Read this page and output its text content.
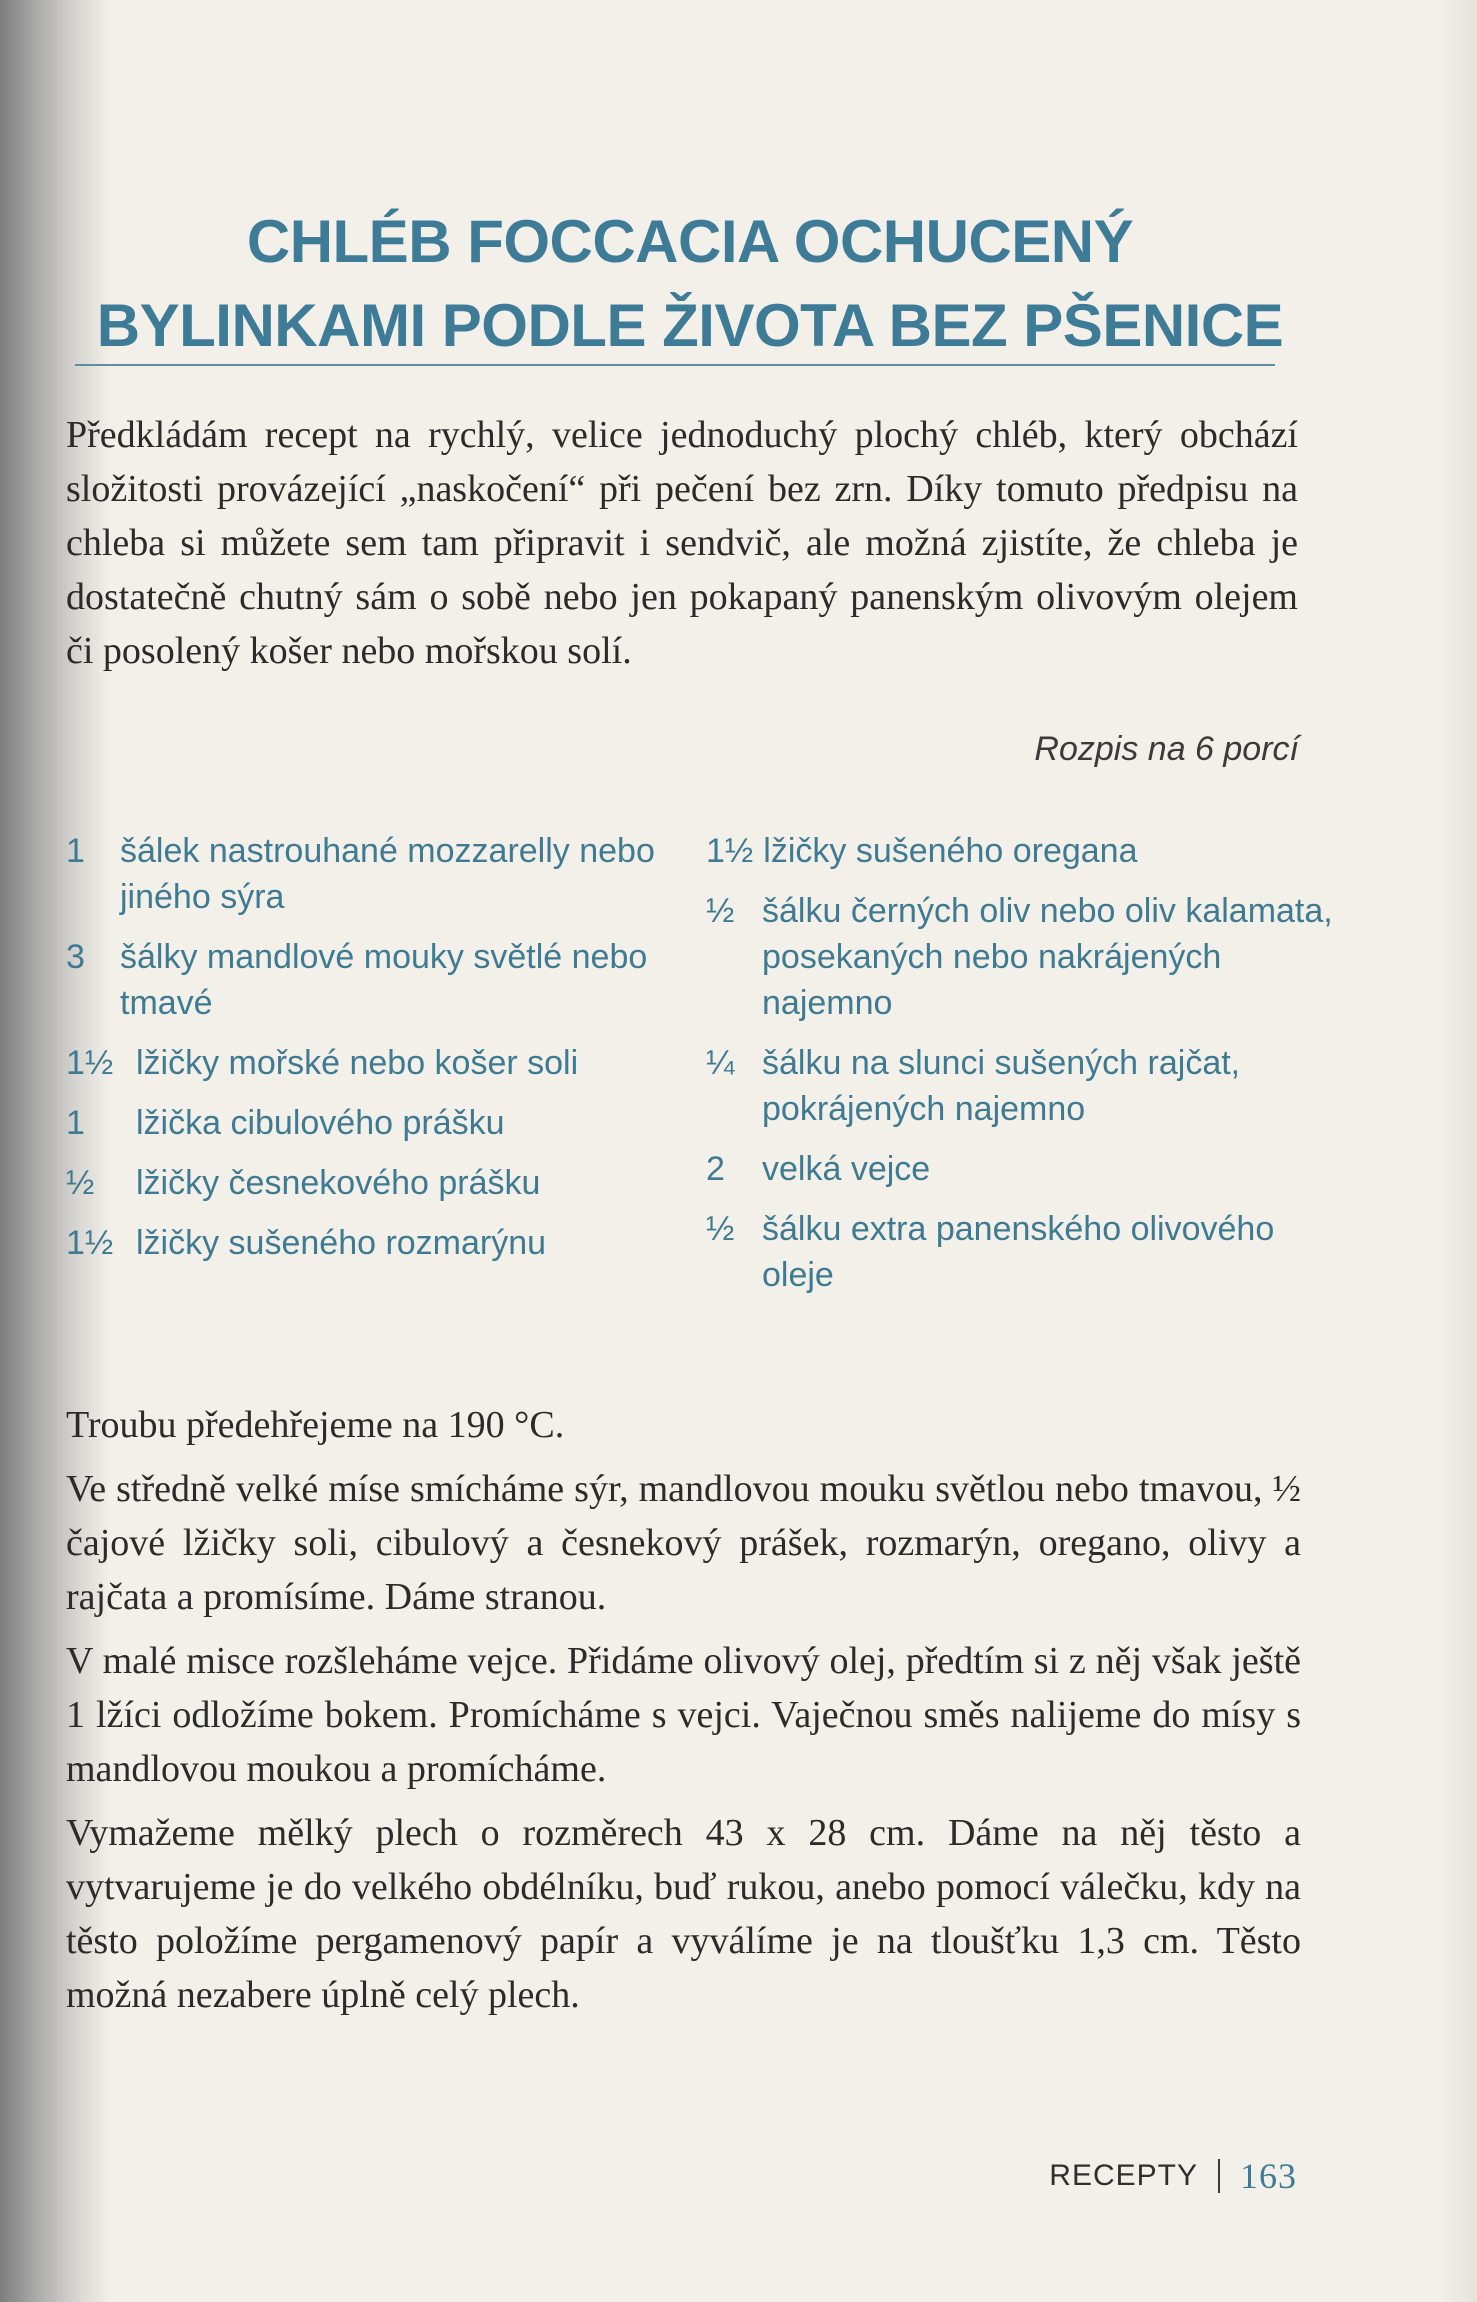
CHLÉB FOCCACIA OCHUCENÝ
BYLINKAMI PODLE ŽIVOTA BEZ PŠENICE

Předkládám recept na rychlý, velice jednoduchý plochý chléb, který obchází složitosti provázející „naskočení“ při pečení bez zrn. Díky tomuto předpisu na chleba si můžete sem tam připravit i sendvič, ale možná zjistíte, že chleba je dostatečně chutný sám o sobě nebo jen pokapaný panenským olivovým olejem či posolený košer nebo mořskou solí.

Rozpis na 6 porcí
1	šálek nastrouhané mozzarelly nebo jiného sýra
3	šálky mandlové mouky světlé nebo tmavé
1½ lžičky mořské nebo košer soli
1	lžička cibulového prášku
½	lžičky česnekového prášku
1½ lžičky sušeného rozmarýnu
1½ lžičky sušeného oregana
½ šálku černých oliv nebo oliv kalamata, posekaných nebo nakrájených najemno
¼ šálku na slunci sušených rajčat, pokrájených najemno
2	velká vejce
½ šálku extra panenského olivového oleje

Troubu předehřejeme na 190 °C.

Ve středně velké míse smícháme sýr, mandlovou mouku světlou nebo tmavou, ½ čajové lžičky soli, cibulový a česnekový prášek, rozmarýn, oregano, olivy a rajčata a promísíme. Dáme stranou.

V malé misce rozšleháme vejce. Přidáme olivový olej, předtím si z něj však ještě 1 lžíci odložíme bokem. Promícháme s vejci. Vaječnou směs nalijeme do mísy s mandlovou moukou a promícháme.

Vymažeme mělký plech o rozměrech 43 x 28 cm. Dáme na něj těsto a vytvarujeme je do velkého obdélníku, buď rukou, anebo pomocí válečku, kdy na těsto položíme pergamenový papír a vyválíme je na tloušťku 1,3 cm. Těsto možná nezabere úplně celý plech.

RECEPTY 163
